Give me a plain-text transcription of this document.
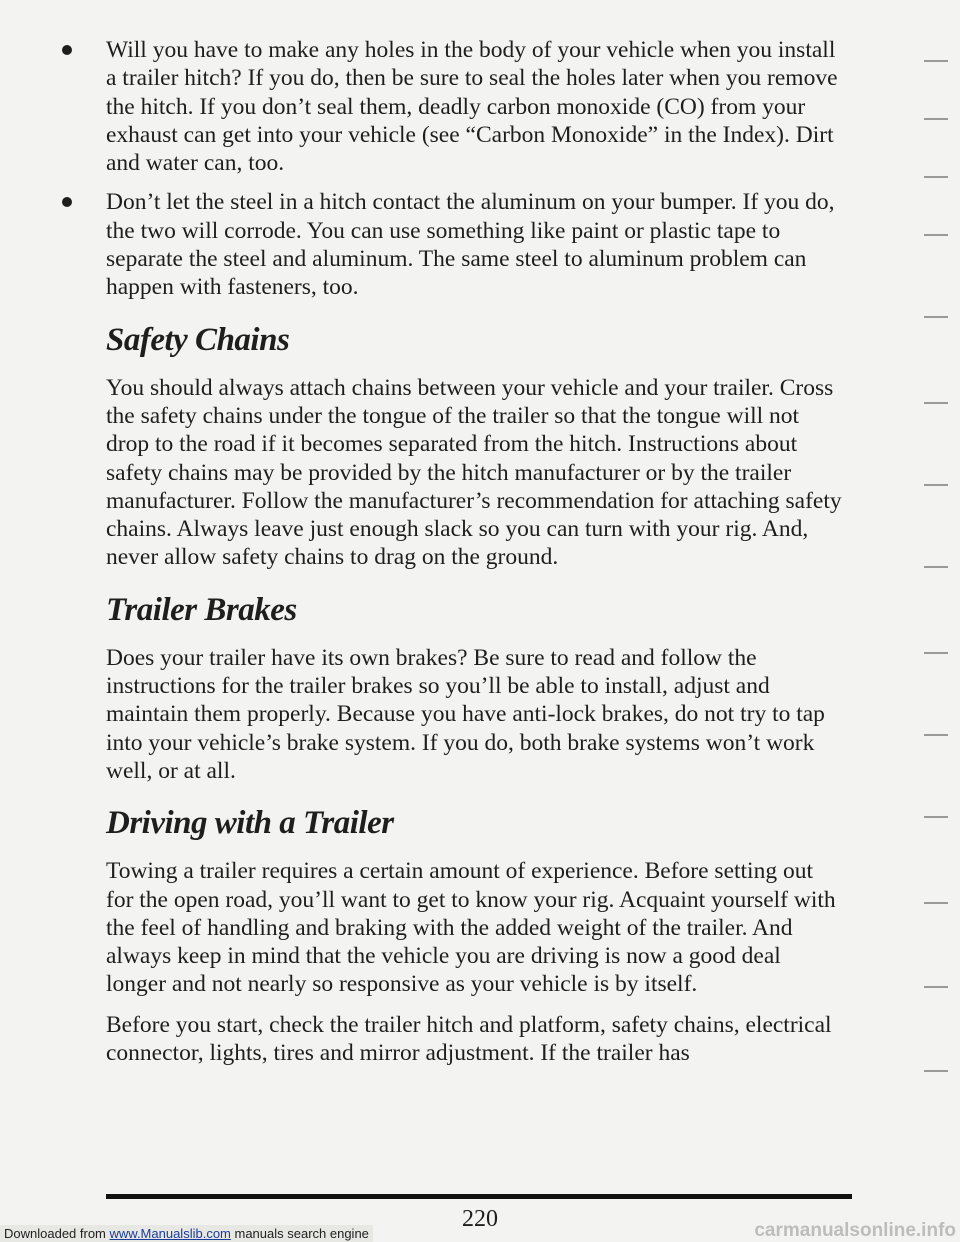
Will you have to make any holes in the body of your vehicle when you install a trailer hitch? If you do, then be sure to seal the holes later when you remove the hitch. If you don’t seal them, deadly carbon monoxide (CO) from your exhaust can get into your vehicle (see “Carbon Monoxide” in the Index). Dirt and water can, too.
Don’t let the steel in a hitch contact the aluminum on your bumper. If you do, the two will corrode. You can use something like paint or plastic tape to separate the steel and aluminum. The same steel to aluminum problem can happen with fasteners, too.
Safety Chains

You should always attach chains between your vehicle and your trailer. Cross the safety chains under the tongue of the trailer so that the tongue will not drop to the road if it becomes separated from the hitch. Instructions about safety chains may be provided by the hitch manufacturer or by the trailer manufacturer. Follow the manufacturer’s recommendation for attaching safety chains. Always leave just enough slack so you can turn with your rig. And, never allow safety chains to drag on the ground.

Trailer Brakes

Does your trailer have its own brakes? Be sure to read and follow the instructions for the trailer brakes so you’ll be able to install, adjust and maintain them properly. Because you have anti-lock brakes, do not try to tap into your vehicle’s brake system. If you do, both brake systems won’t work well, or at all.

Driving with a Trailer

Towing a trailer requires a certain amount of experience. Before setting out for the open road, you’ll want to get to know your rig. Acquaint yourself with the feel of handling and braking with the added weight of the trailer. And always keep in mind that the vehicle you are driving is now a good deal longer and not nearly so responsive as your vehicle is by itself.

Before you start, check the trailer hitch and platform, safety chains, electrical connector, lights, tires and mirror adjustment. If the trailer has

220
Downloaded from www.Manualslib.com manuals search engine	carmanualsonline.info
